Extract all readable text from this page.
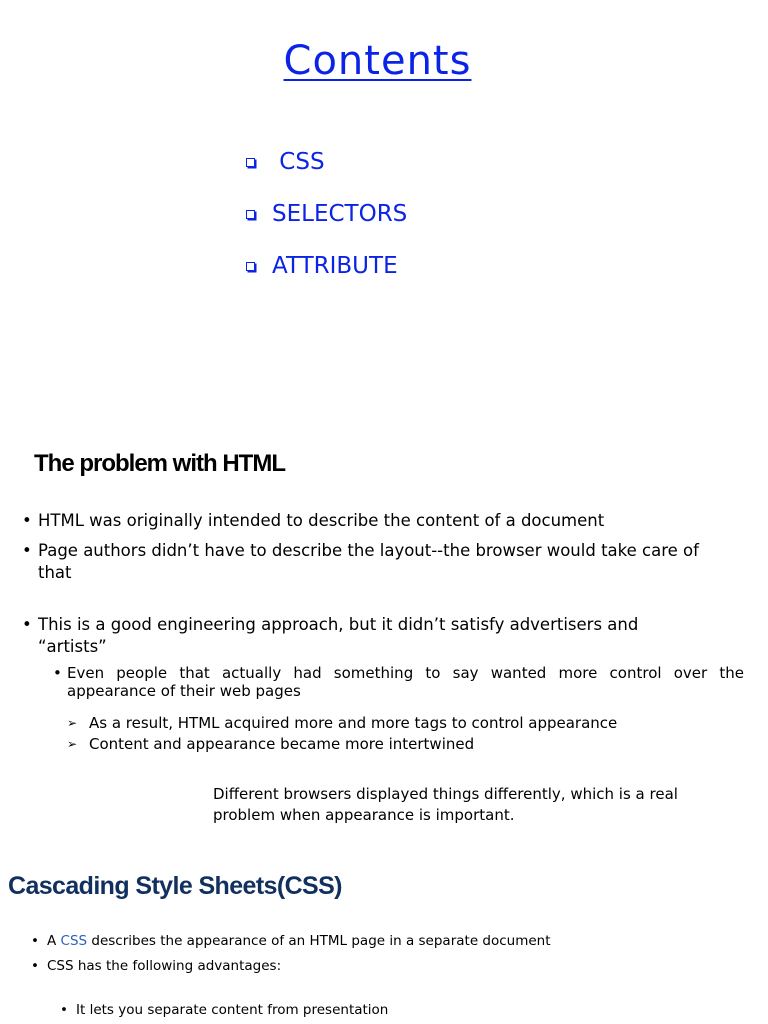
Contents
CSS
SELECTORS
ATTRIBUTE
The problem with HTML
• HTML was originally intended to describe the content of a document
• Page authors didn’t have to describe the layout--the browser would take care of
that
• This is a good engineering approach, but it didn’t satisfy advertisers and
“artists”
• Even people that actually had something to say wanted more control over the appearance of their web pages
➢ As a result, HTML acquired more and more tags to control appearance
➢ Content and appearance became more intertwined
Different browsers displayed things differently, which is a real problem when appearance is important.
Cascading Style Sheets(CSS)
• A CSS describes the appearance of an HTML page in a separate document
• CSS has the following advantages:
• It lets you separate content from presentation
